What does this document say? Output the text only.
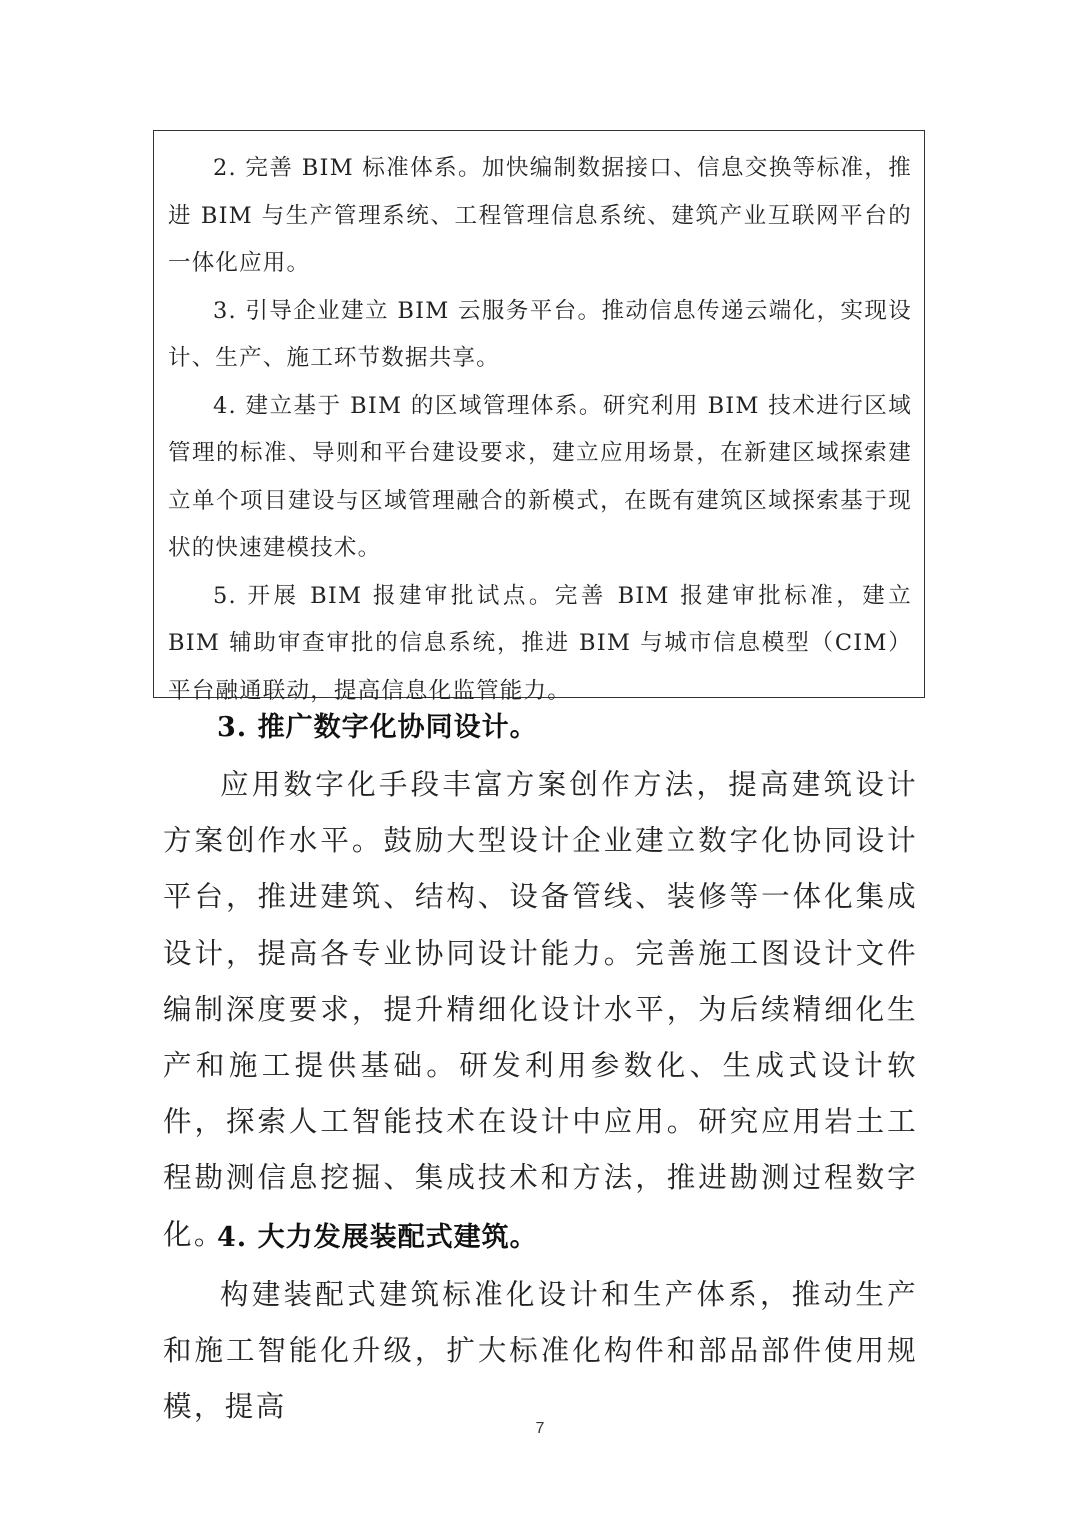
2. 完善 BIM 标准体系。加快编制数据接口、信息交换等标准，推进 BIM 与生产管理系统、工程管理信息系统、建筑产业互联网平台的一体化应用。

3. 引导企业建立 BIM 云服务平台。推动信息传递云端化，实现设计、生产、施工环节数据共享。

4. 建立基于 BIM 的区域管理体系。研究利用 BIM 技术进行区域管理的标准、导则和平台建设要求，建立应用场景，在新建区域探索建立单个项目建设与区域管理融合的新模式，在既有建筑区域探索基于现状的快速建模技术。

5. 开展 BIM 报建审批试点。完善 BIM 报建审批标准，建立 BIM 辅助审查审批的信息系统，推进 BIM 与城市信息模型（CIM）平台融通联动，提高信息化监管能力。

3. 推广数字化协同设计。

应用数字化手段丰富方案创作方法，提高建筑设计方案创作水平。鼓励大型设计企业建立数字化协同设计平台，推进建筑、结构、设备管线、装修等一体化集成设计，提高各专业协同设计能力。完善施工图设计文件编制深度要求，提升精细化设计水平，为后续精细化生产和施工提供基础。研发利用参数化、生成式设计软件，探索人工智能技术在设计中应用。研究应用岩土工程勘测信息挖掘、集成技术和方法，推进勘测过程数字化。

4. 大力发展装配式建筑。

构建装配式建筑标准化设计和生产体系，推动生产和施工智能化升级，扩大标准化构件和部品部件使用规模，提高

7
